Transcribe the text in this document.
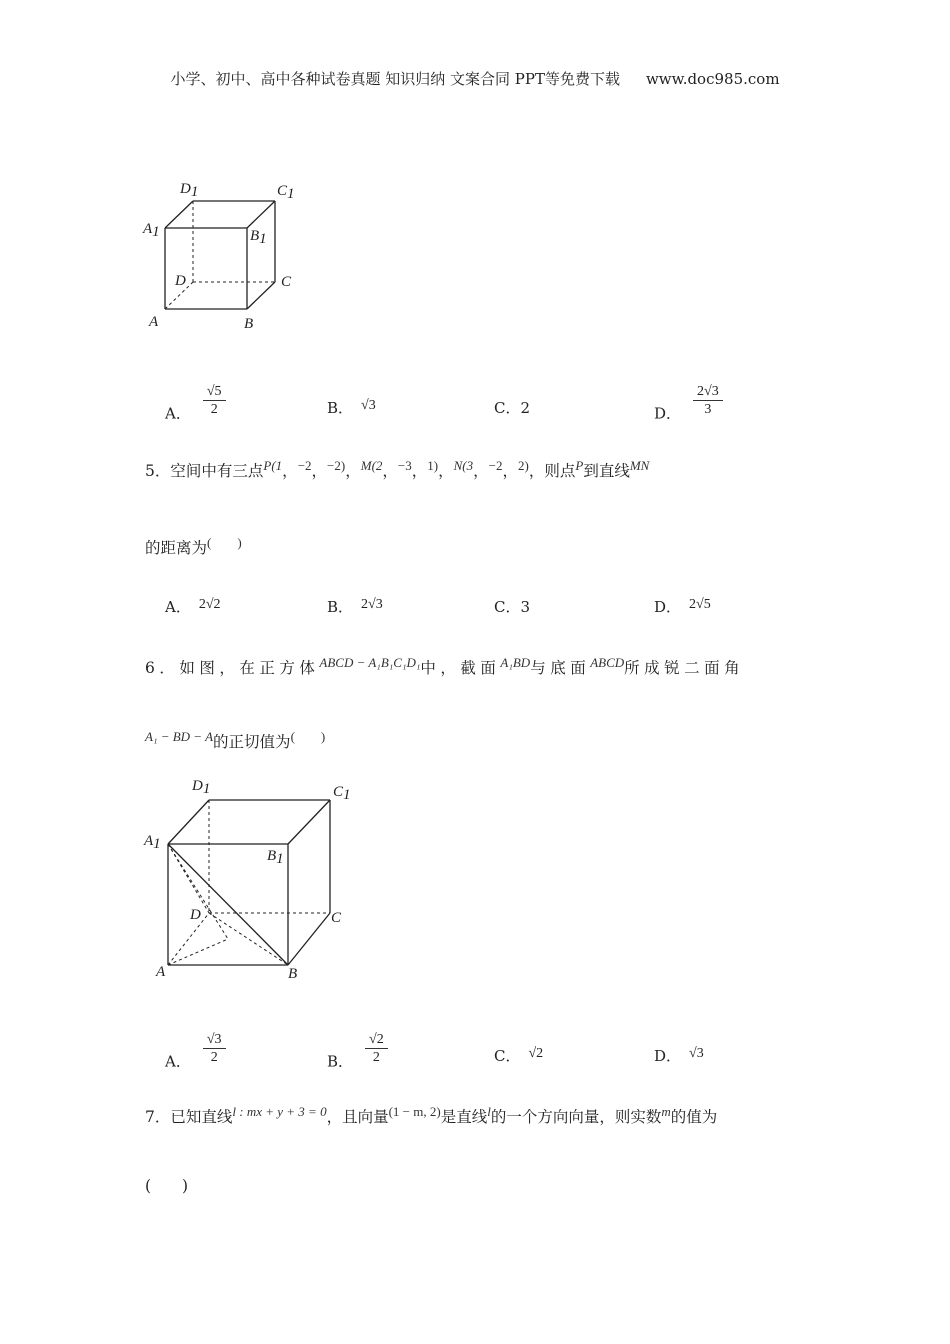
小学、初中、高中各种试卷真题 知识归纳 文案合同 PPT等免费下载 www.doc985.com
D1	C1
A1	B1
D	C
A	B
A． $\frac{√5}{2}$	B． √3	C．2	D． $\frac{2√3}{3}$
5．空间中有三点$^{P(1}$，$^{-2}$，$^{-2)}$，$^{M(2}$，$^{-3}$，$^{1)}$，$^{N(3}$，$^{-2}$，$^{2)}$，则点$^P$到直线$^{MN}$
的距离为(　　)
A． 2√2	B． 2√3	C．3	D． 2√5
6．如图，在正方体$^{ABCD - A_1B_1C_1D_1}$中，截面$^{A_1BD}$与底面$^{ABCD}$所成锐二面角
$^{A_1 - BD - A}$的正切值为(　　)
D1	C1
A1
B1
D	C
A	B
A． $\frac{√3}{2}$	B． $\frac{√2}{2}$	C． √2	D． √3
7．已知直线$^{l : mx + y + 3 = 0}$，且向量$^{(1 - m, 2)}$是直线$^l$的一个方向向量，则实数$^m$的值为
(　　)
